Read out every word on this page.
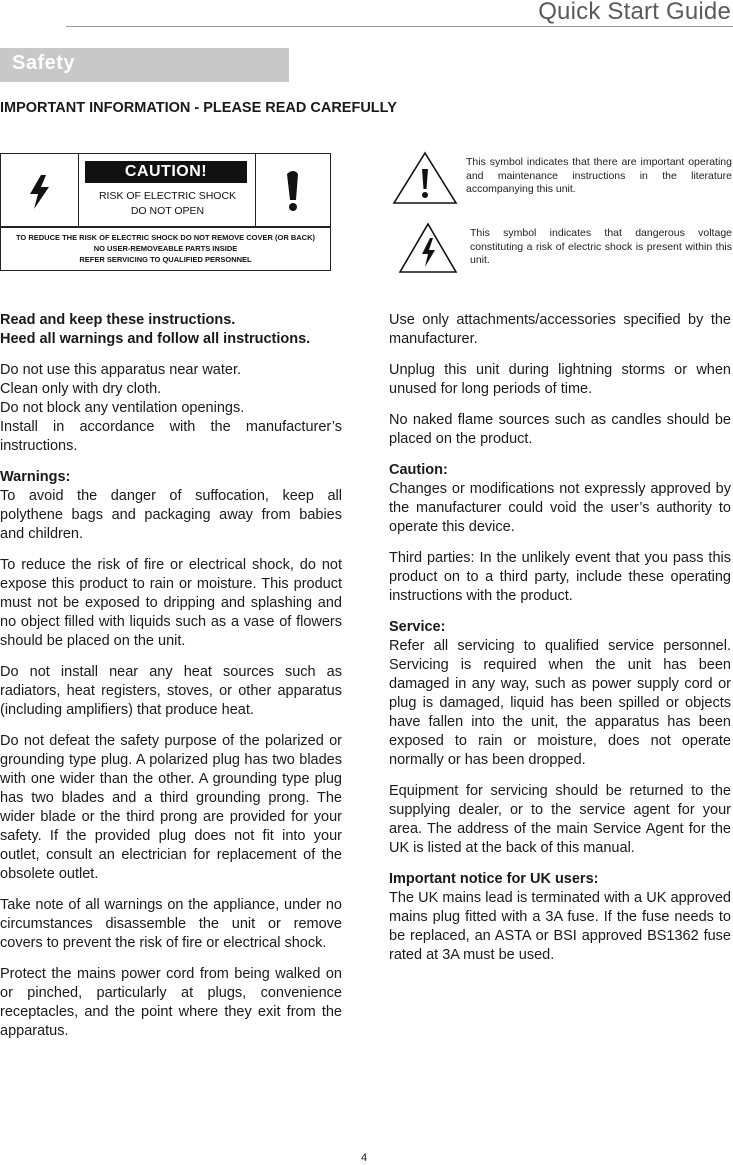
Quick Start Guide
Safety
IMPORTANT INFORMATION - PLEASE READ CAREFULLY
CAUTION!
RISK OF ELECTRIC SHOCK
DO NOT OPEN
TO REDUCE THE RISK OF ELECTRIC SHOCK DO NOT REMOVE COVER (OR BACK)
NO USER-REMOVEABLE PARTS INSIDE
REFER SERVICING TO QUALIFIED PERSONNEL
This symbol indicates that there are important operating and maintenance instructions in the literature accompanying this unit.
This symbol indicates that dangerous voltage constituting a risk of electric shock is present within this unit.

Read and keep these instructions.

Heed all warnings and follow all instructions.

Do not use this apparatus near water.

Clean only with dry cloth.

Do not block any ventilation openings.

Install in accordance with the manufacturer’s instructions.

Warnings:

To avoid the danger of suffocation, keep all polythene bags and packaging away from babies and children.

To reduce the risk of fire or electrical shock, do not expose this product to rain or moisture. This product must not be exposed to dripping and splashing and no object filled with liquids such as a vase of flowers should be placed on the unit.

Do not install near any heat sources such as radiators, heat registers, stoves, or other apparatus (including amplifiers) that produce heat.

Do not defeat the safety purpose of the polarized or grounding type plug. A polarized plug has two blades with one wider than the other. A grounding type plug has two blades and a third grounding prong. The wider blade or the third prong are provided for your safety. If the provided plug does not fit into your outlet, consult an electrician for replacement of the obsolete outlet.

Take note of all warnings on the appliance, under no circumstances disassemble the unit or remove covers to prevent the risk of fire or electrical shock.

Protect the mains power cord from being walked on or pinched, particularly at plugs, convenience receptacles, and the point where they exit from the apparatus.

Use only attachments/accessories specified by the manufacturer.

Unplug this unit during lightning storms or when unused for long periods of time.

No naked flame sources such as candles should be placed on the product.

Caution:

Changes or modifications not expressly approved by the manufacturer could void the user’s authority to operate this device.

Third parties: In the unlikely event that you pass this product on to a third party, include these operating instructions with the product.

Service:

Refer all servicing to qualified service personnel. Servicing is required when the unit has been damaged in any way, such as power supply cord or plug is damaged, liquid has been spilled or objects have fallen into the unit, the apparatus has been exposed to rain or moisture, does not operate normally or has been dropped.

Equipment for servicing should be returned to the supplying dealer, or to the service agent for your area. The address of the main Service Agent for the UK is listed at the back of this manual.

Important notice for UK users:

The UK mains lead is terminated with a UK approved mains plug fitted with a 3A fuse. If the fuse needs to be replaced, an ASTA or BSI approved BS1362 fuse rated at 3A must be used.

4
